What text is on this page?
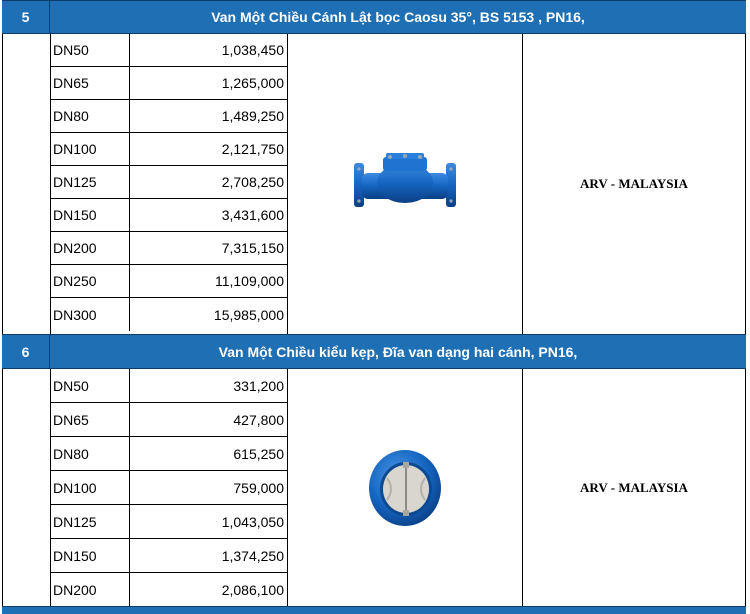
5	Van Một Chiều Cánh Lật bọc Caosu 35°, BS 5153 , PN16,
DN50	1,038,450
DN65	1,265,000
DN80	1,489,250
DN100	2,121,750
DN125	2,708,250
DN150	3,431,600
DN200	7,315,150
DN250	11,109,000
DN300	15,985,000
ARV - MALAYSIA
6	Van Một Chiều kiểu kẹp, Đĩa van dạng hai cánh, PN16,
DN50	331,200
DN65	427,800
DN80	615,250
DN100	759,000
DN125	1,043,050
DN150	1,374,250
DN200	2,086,100
ARV - MALAYSIA
